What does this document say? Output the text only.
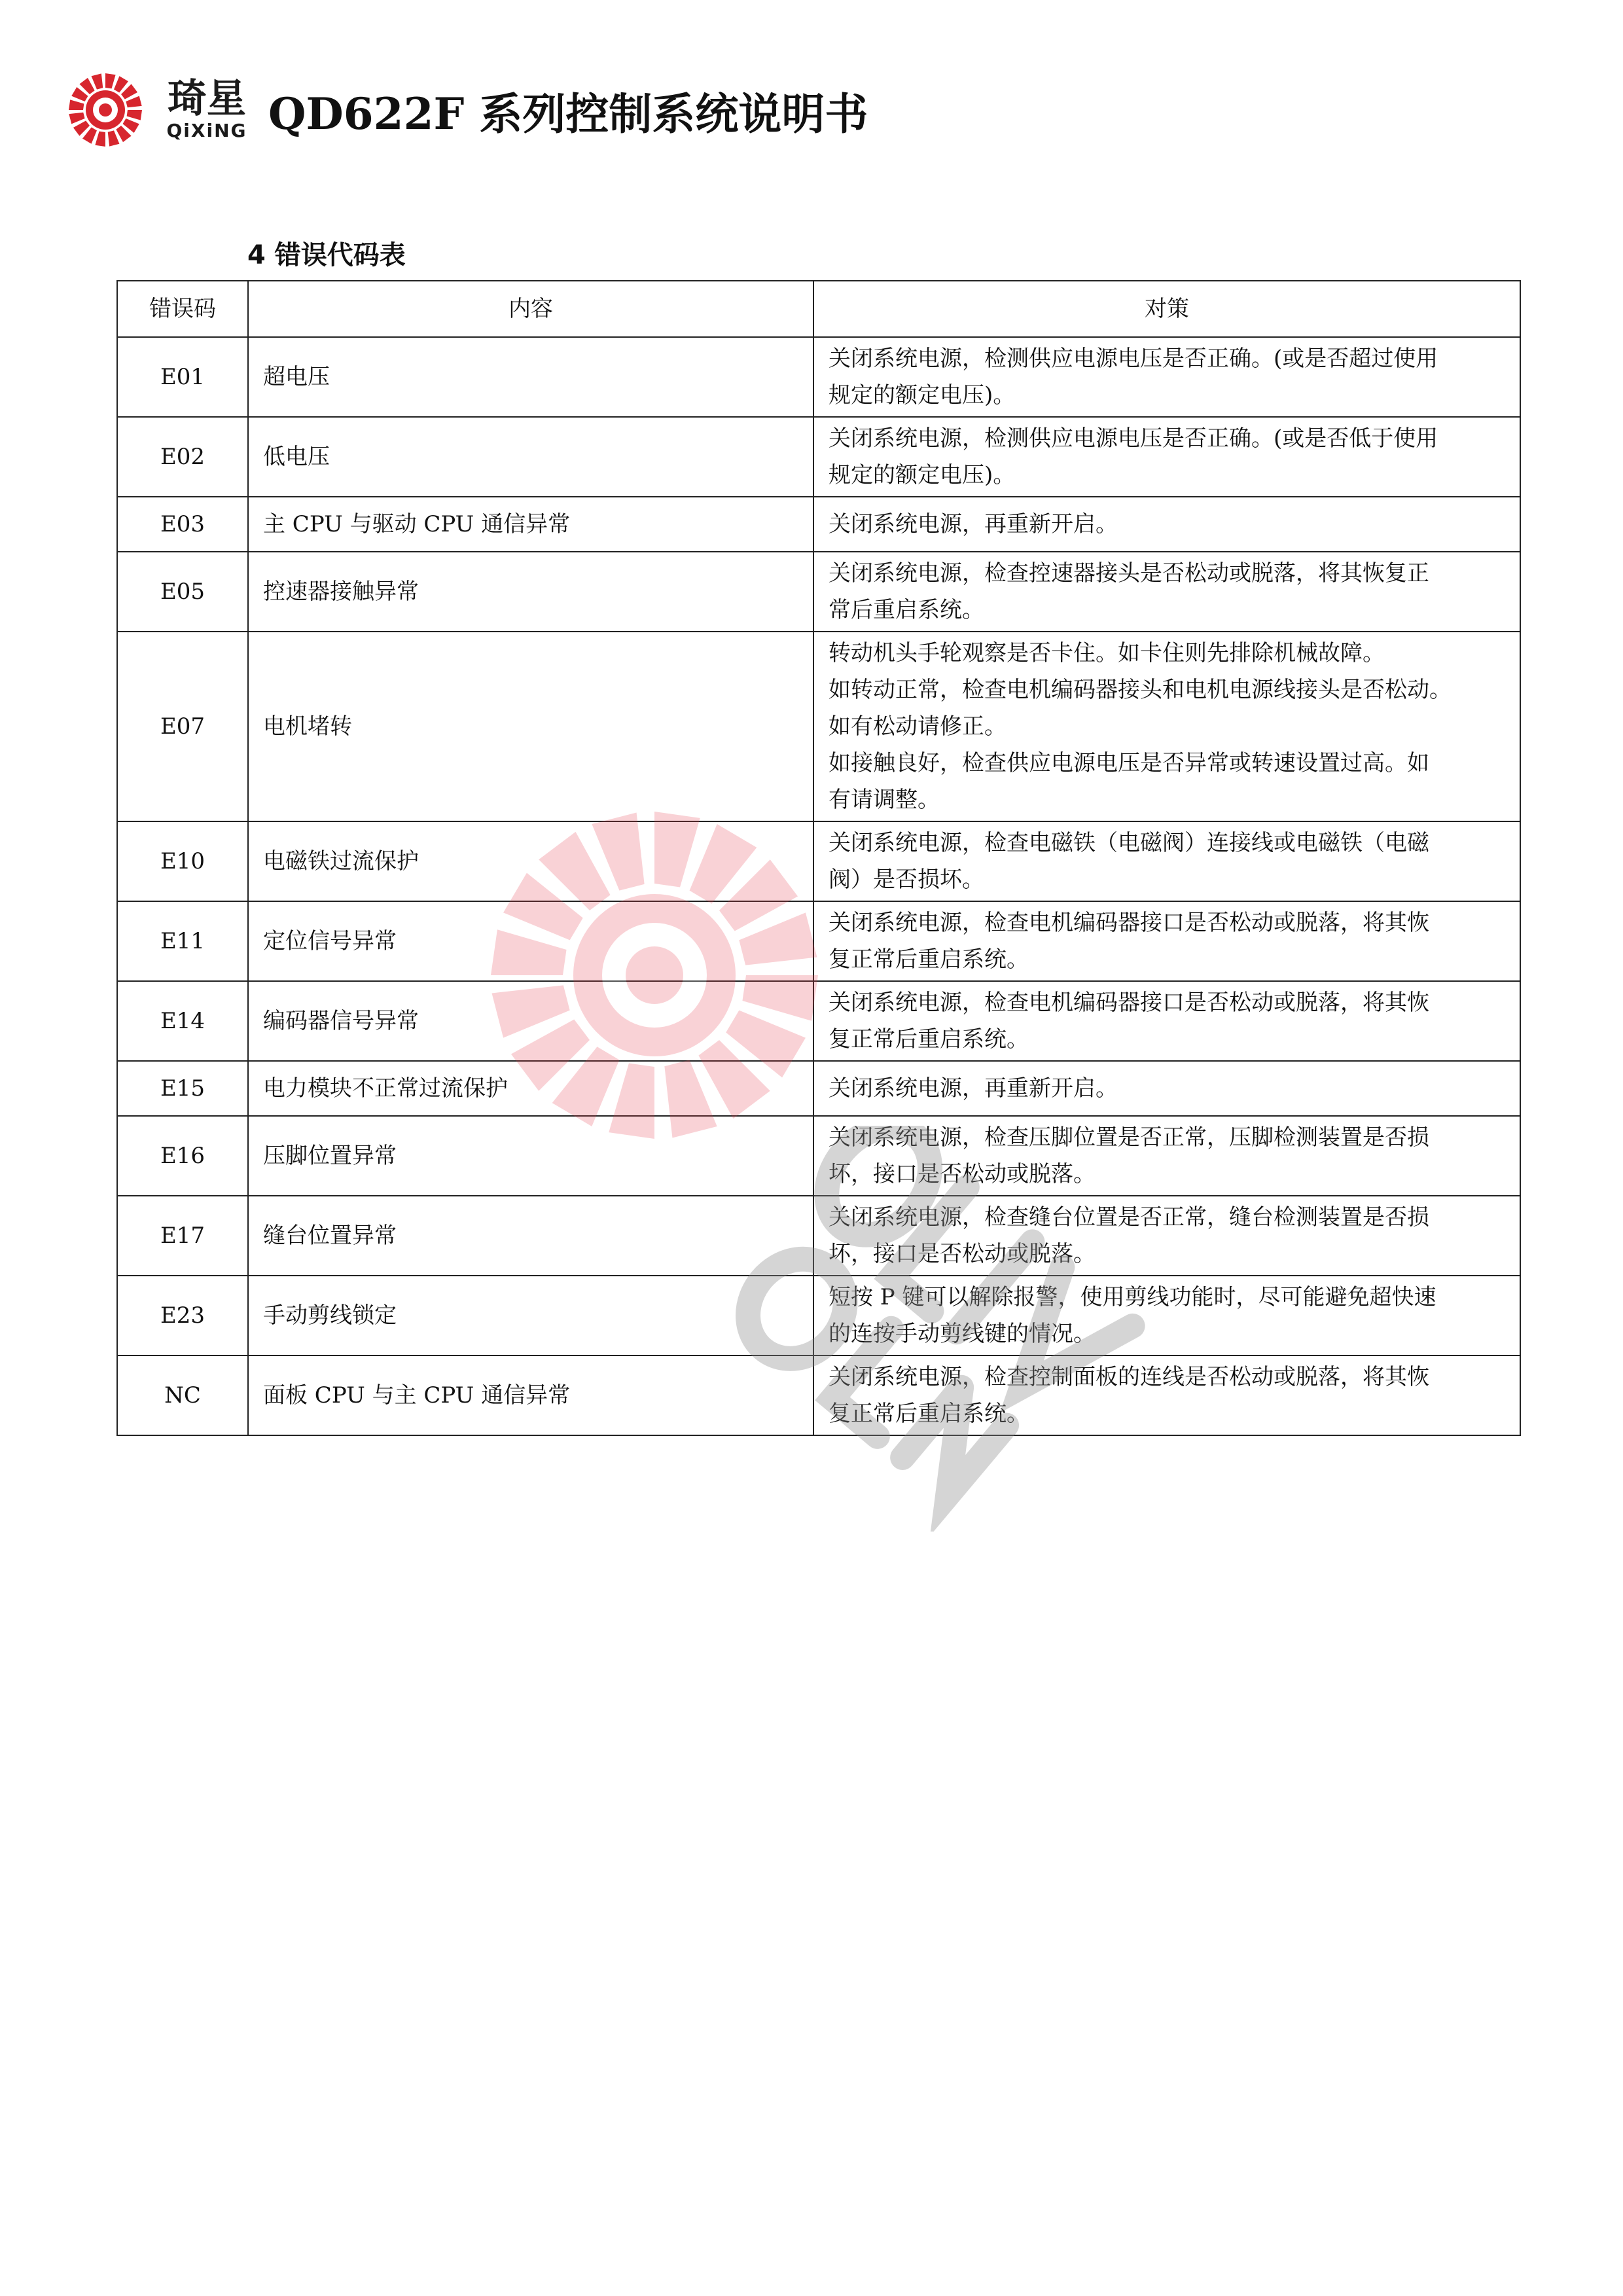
琦星
QiXiNG QD622F 系列控制系统说明书
4 错误代码表
错误码	内容	对策
E01	超电压	关闭系统电源，检测供应电源电压是否正确。(或是否超过使用
规定的额定电压)。

E02	低电压	关闭系统电源，检测供应电源电压是否正确。(或是否低于使用
规定的额定电压)。

E03	主 CPU 与驱动 CPU 通信异常	关闭系统电源，再重新开启。

E05	控速器接触异常	关闭系统电源，检查控速器接头是否松动或脱落，将其恢复正
常后重启系统。

E07	电机堵转	转动机头手轮观察是否卡住。如卡住则先排除机械故障。
如转动正常，检查电机编码器接头和电机电源线接头是否松动。
如有松动请修正。
如接触良好，检查供应电源电压是否异常或转速设置过高。如
有请调整。

E10	电磁铁过流保护	关闭系统电源，检查电磁铁（电磁阀）连接线或电磁铁（电磁
阀）是否损坏。

E11	定位信号异常	关闭系统电源，检查电机编码器接口是否松动或脱落，将其恢
复正常后重启系统。

E14	编码器信号异常	关闭系统电源，检查电机编码器接口是否松动或脱落，将其恢
复正常后重启系统。

E15	电力模块不正常过流保护	关闭系统电源，再重新开启。

E16	压脚位置异常	关闭系统电源，检查压脚位置是否正常，压脚检测装置是否损
坏，接口是否松动或脱落。

E17	缝台位置异常	关闭系统电源，检查缝台位置是否正常，缝台检测装置是否损
坏，接口是否松动或脱落。

E23	手动剪线锁定	短按 P 键可以解除报警，使用剪线功能时，尽可能避免超快速
的连按手动剪线键的情况。

NC	面板 CPU 与主 CPU 通信异常	关闭系统电源，检查控制面板的连线是否松动或脱落，将其恢
复正常后重启系统。
